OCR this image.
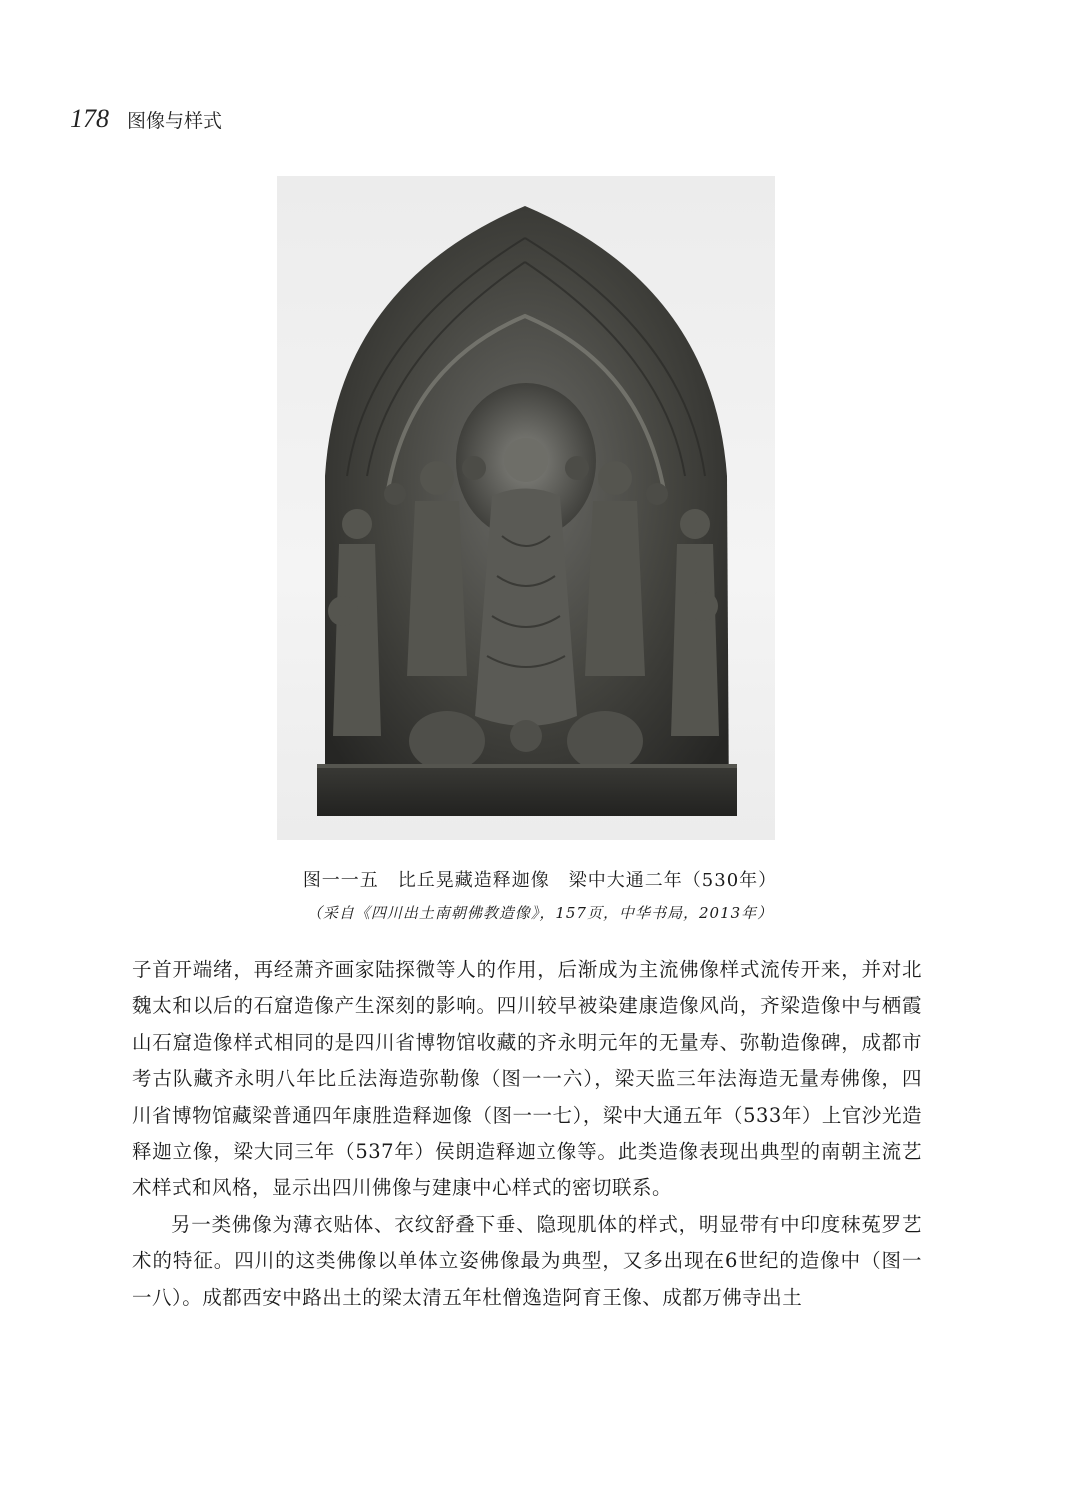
178 图像与样式
图一一五　比丘晃藏造释迦像　梁中大通二年（530年）
（采自《四川出土南朝佛教造像》，157页，中华书局，2013年）

子首开端绪，再经萧齐画家陆探微等人的作用，后渐成为主流佛像样式流传开来，并对北魏太和以后的石窟造像产生深刻的影响。四川较早被染建康造像风尚，齐梁造像中与栖霞山石窟造像样式相同的是四川省博物馆收藏的齐永明元年的无量寿、弥勒造像碑，成都市考古队藏齐永明八年比丘法海造弥勒像（图一一六），梁天监三年法海造无量寿佛像，四川省博物馆藏梁普通四年康胜造释迦像（图一一七），梁中大通五年（533年）上官沙光造释迦立像，梁大同三年（537年）侯朗造释迦立像等。此类造像表现出典型的南朝主流艺术样式和风格，显示出四川佛像与建康中心样式的密切联系。

另一类佛像为薄衣贴体、衣纹舒叠下垂、隐现肌体的样式，明显带有中印度秣菟罗艺术的特征。四川的这类佛像以单体立姿佛像最为典型，又多出现在6世纪的造像中（图一一八）。成都西安中路出土的梁太清五年杜僧逸造阿育王像、成都万佛寺出土
